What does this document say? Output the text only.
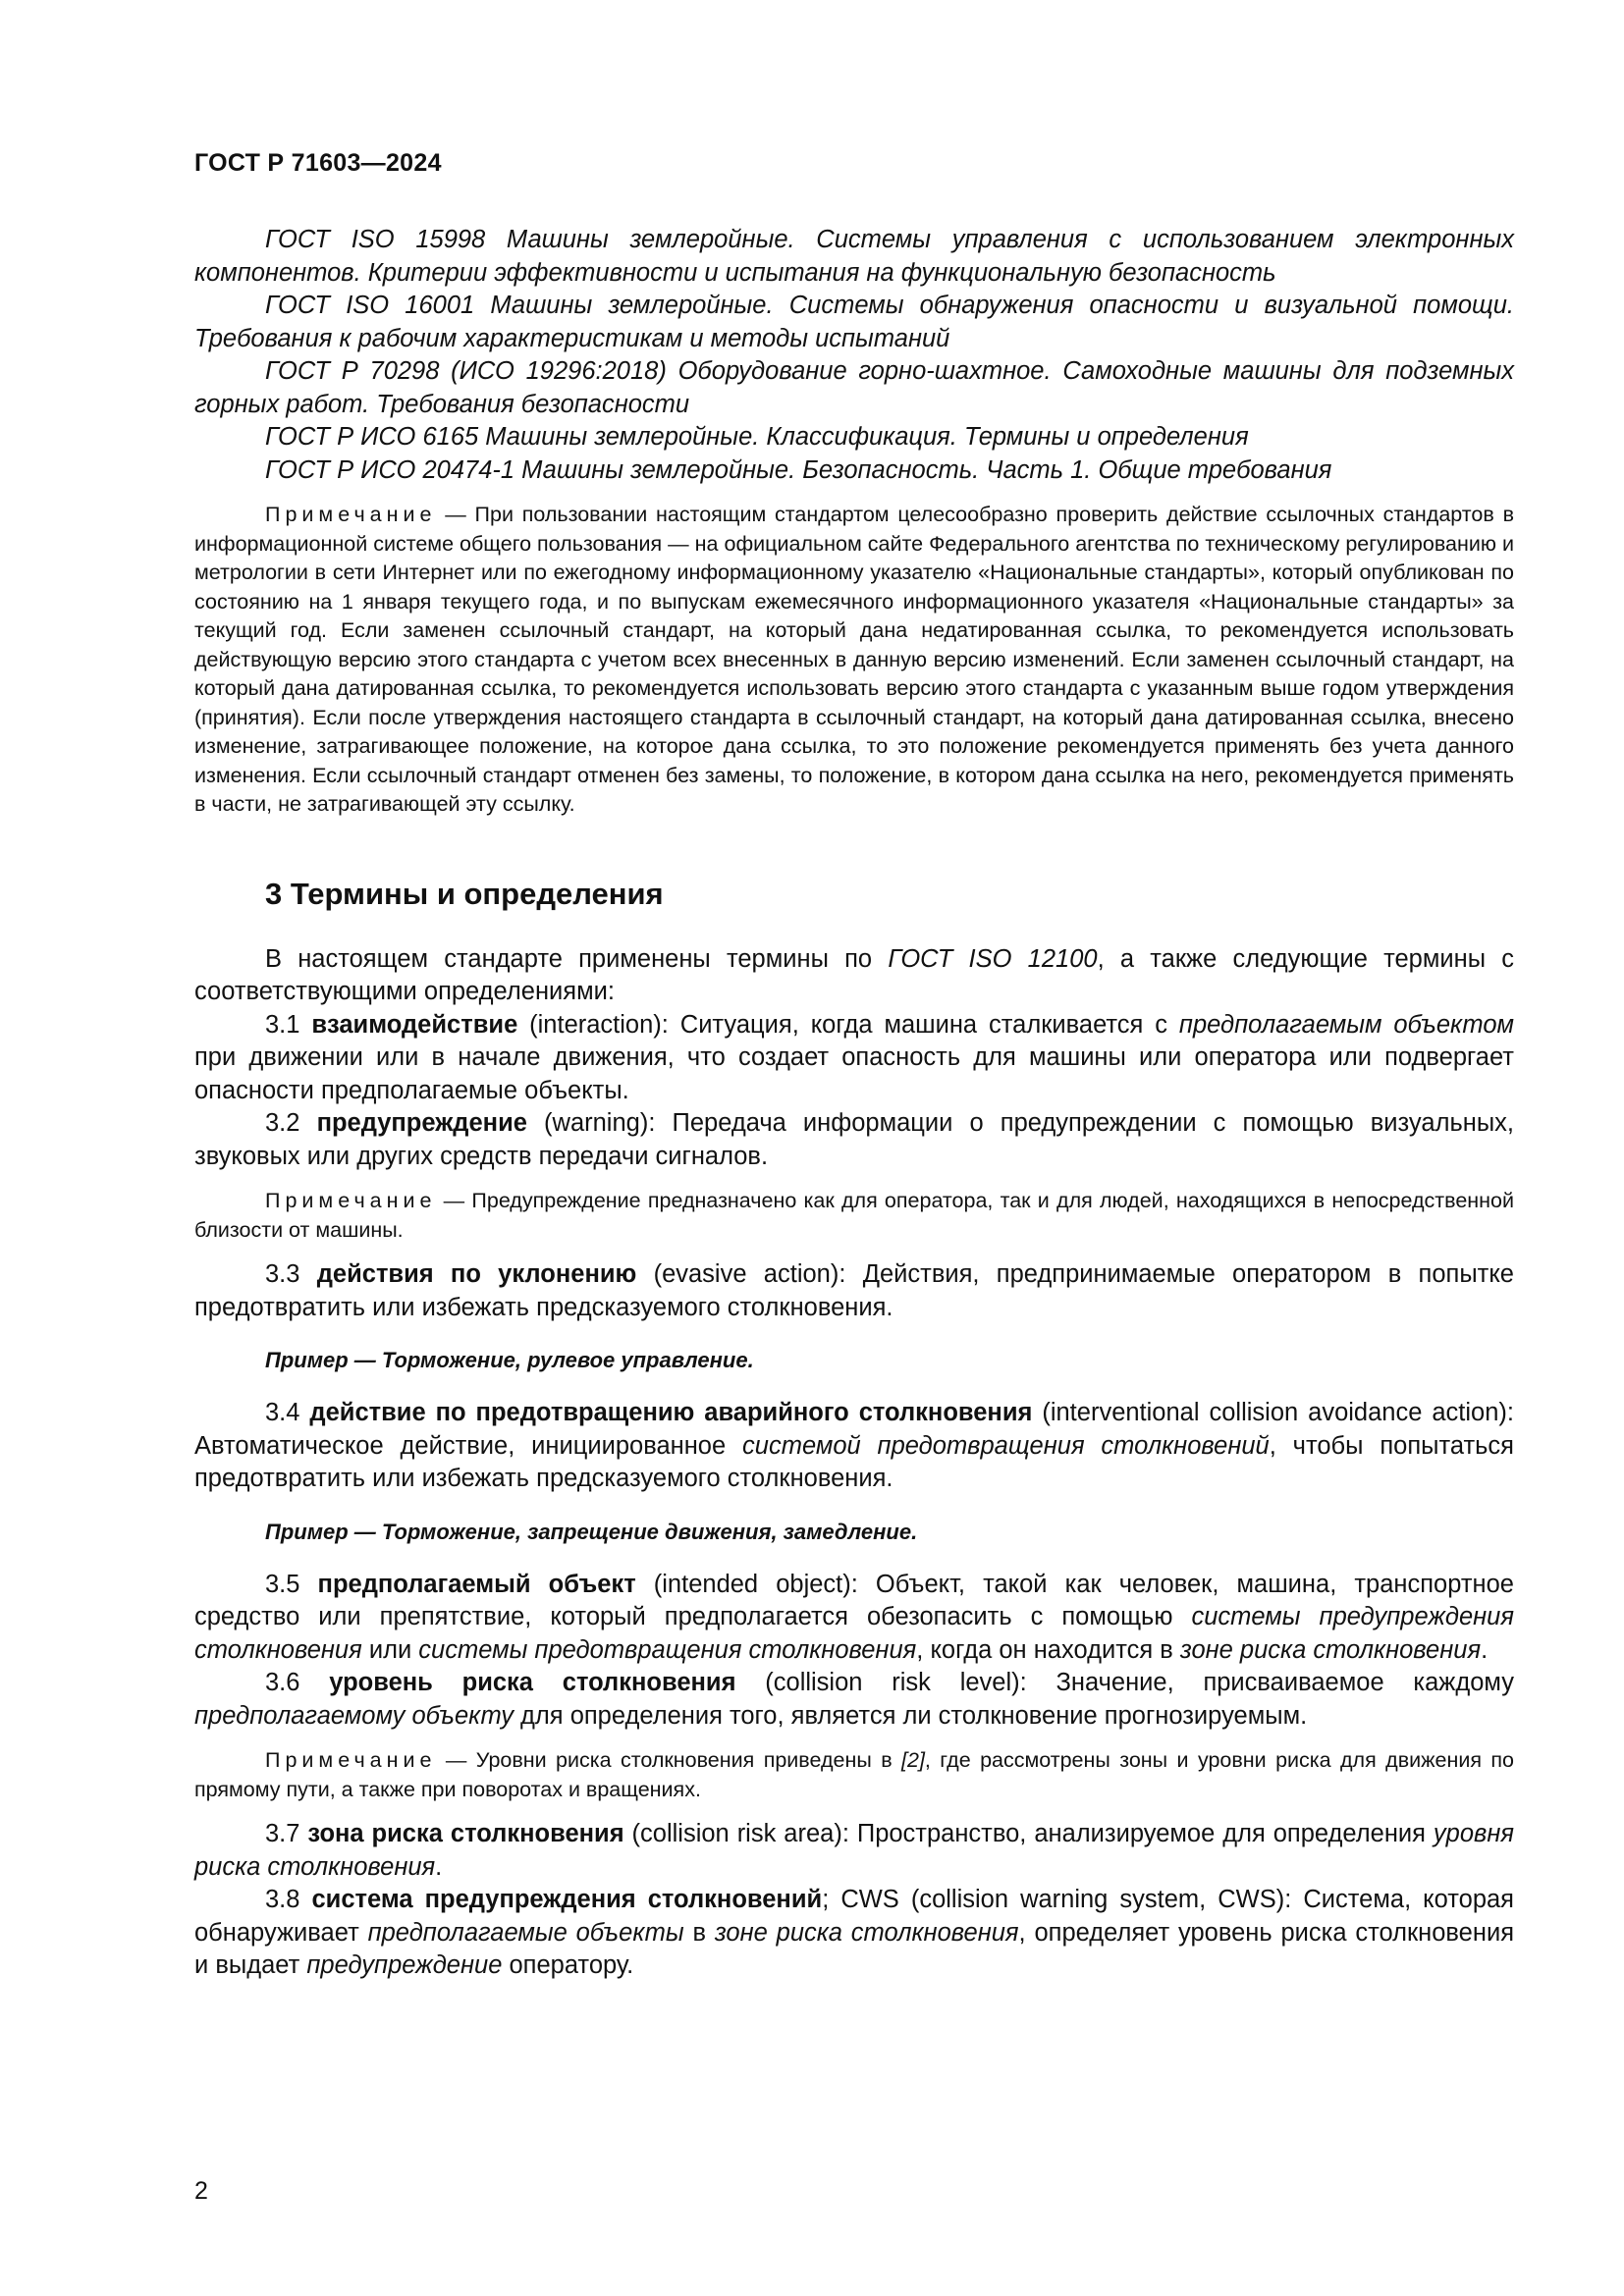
ГОСТ Р 71603—2024

ГОСТ ISO 15998 Машины землеройные. Системы управления с использованием электронных компонентов. Критерии эффективности и испытания на функциональную безопасность

ГОСТ ISO 16001 Машины землеройные. Системы обнаружения опасности и визуальной помощи. Требования к рабочим характеристикам и методы испытаний

ГОСТ Р 70298 (ИСО 19296:2018) Оборудование горно-шахтное. Самоходные машины для подземных горных работ. Требования безопасности

ГОСТ Р ИСО 6165 Машины землеройные. Классификация. Термины и определения

ГОСТ Р ИСО 20474-1 Машины землеройные. Безопасность. Часть 1. Общие требования

Примечание — При пользовании настоящим стандартом целесообразно проверить действие ссылочных стандартов в информационной системе общего пользования — на официальном сайте Федерального агентства по техническому регулированию и метрологии в сети Интернет или по ежегодному информационному указателю «Национальные стандарты», который опубликован по состоянию на 1 января текущего года, и по выпускам ежемесячного информационного указателя «Национальные стандарты» за текущий год. Если заменен ссылочный стандарт, на который дана недатированная ссылка, то рекомендуется использовать действующую версию этого стандарта с учетом всех внесенных в данную версию изменений. Если заменен ссылочный стандарт, на который дана датированная ссылка, то рекомендуется использовать версию этого стандарта с указанным выше годом утверждения (принятия). Если после утверждения настоящего стандарта в ссылочный стандарт, на который дана датированная ссылка, внесено изменение, затрагивающее положение, на которое дана ссылка, то это положение рекомендуется применять без учета данного изменения. Если ссылочный стандарт отменен без замены, то положение, в котором дана ссылка на него, рекомендуется применять в части, не затрагивающей эту ссылку.

3 Термины и определения

В настоящем стандарте применены термины по ГОСТ ISO 12100, а также следующие термины с соответствующими определениями:

3.1 взаимодействие (interaction): Ситуация, когда машина сталкивается с предполагаемым объектом при движении или в начале движения, что создает опасность для машины или оператора или подвергает опасности предполагаемые объекты.

3.2 предупреждение (warning): Передача информации о предупреждении с помощью визуальных, звуковых или других средств передачи сигналов.

Примечание — Предупреждение предназначено как для оператора, так и для людей, находящихся в непосредственной близости от машины.

3.3 действия по уклонению (evasive action): Действия, предпринимаемые оператором в попытке предотвратить или избежать предсказуемого столкновения.

Пример — Торможение, рулевое управление.

3.4 действие по предотвращению аварийного столкновения (interventional collision avoidance action): Автоматическое действие, инициированное системой предотвращения столкновений, чтобы попытаться предотвратить или избежать предсказуемого столкновения.

Пример — Торможение, запрещение движения, замедление.

3.5 предполагаемый объект (intended object): Объект, такой как человек, машина, транспортное средство или препятствие, который предполагается обезопасить с помощью системы предупреждения столкновения или системы предотвращения столкновения, когда он находится в зоне риска столкновения.

3.6 уровень риска столкновения (collision risk level): Значение, присваиваемое каждому предполагаемому объекту для определения того, является ли столкновение прогнозируемым.

Примечание — Уровни риска столкновения приведены в [2], где рассмотрены зоны и уровни риска для движения по прямому пути, а также при поворотах и вращениях.

3.7 зона риска столкновения (collision risk area): Пространство, анализируемое для определения уровня риска столкновения.

3.8 система предупреждения столкновений; CWS (collision warning system, CWS): Система, которая обнаруживает предполагаемые объекты в зоне риска столкновения, определяет уровень риска столкновения и выдает предупреждение оператору.

2
